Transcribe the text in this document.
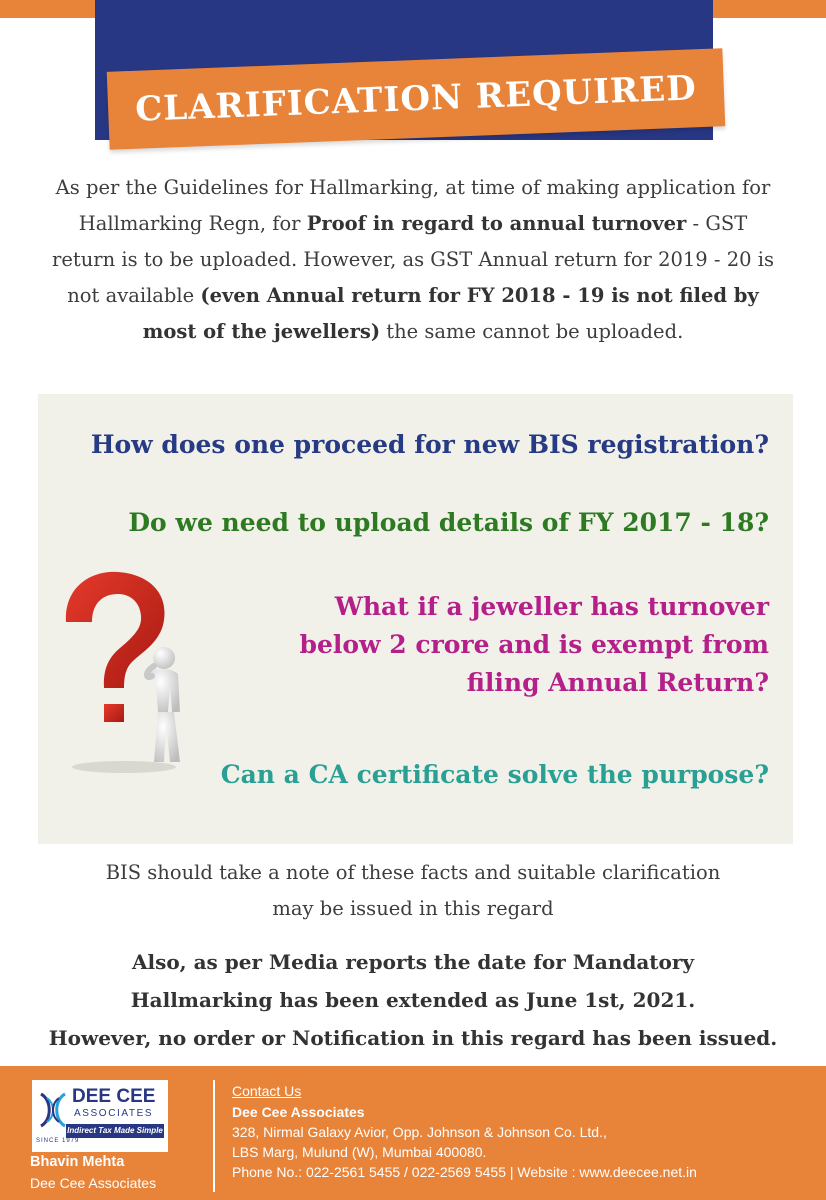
CLARIFICATION REQUIRED

As per the Guidelines for Hallmarking, at time of making application for Hallmarking Regn, for Proof in regard to annual turnover - GST return is to be uploaded. However, as GST Annual return for 2019 - 20 is not available (even Annual return for FY 2018 - 19 is not filed by most of the jewellers) the same cannot be uploaded.

How does one proceed for new BIS registration?
Do we need to upload details of FY 2017 - 18?
What if a jeweller has turnover below 2 crore and is exempt from filing Annual Return?
Can a CA certificate solve the purpose?
BIS should take a note of these facts and suitable clarification
may be issued in this regard
Also, as per Media reports the date for Mandatory
Hallmarking has been extended as June 1st, 2021.
However, no order or Notification in this regard has been issued.
DEE CEE
ASSOCIATES
Indirect Tax Made Simple
SINCE 1979
Bhavin Mehta
Dee Cee Associates
Contact Us
Dee Cee Associates
328, Nirmal Galaxy Avior, Opp. Johnson & Johnson Co. Ltd.,
LBS Marg, Mulund (W), Mumbai 400080.
Phone No.: 022-2561 5455 / 022-2569 5455 | Website : www.deecee.net.in
